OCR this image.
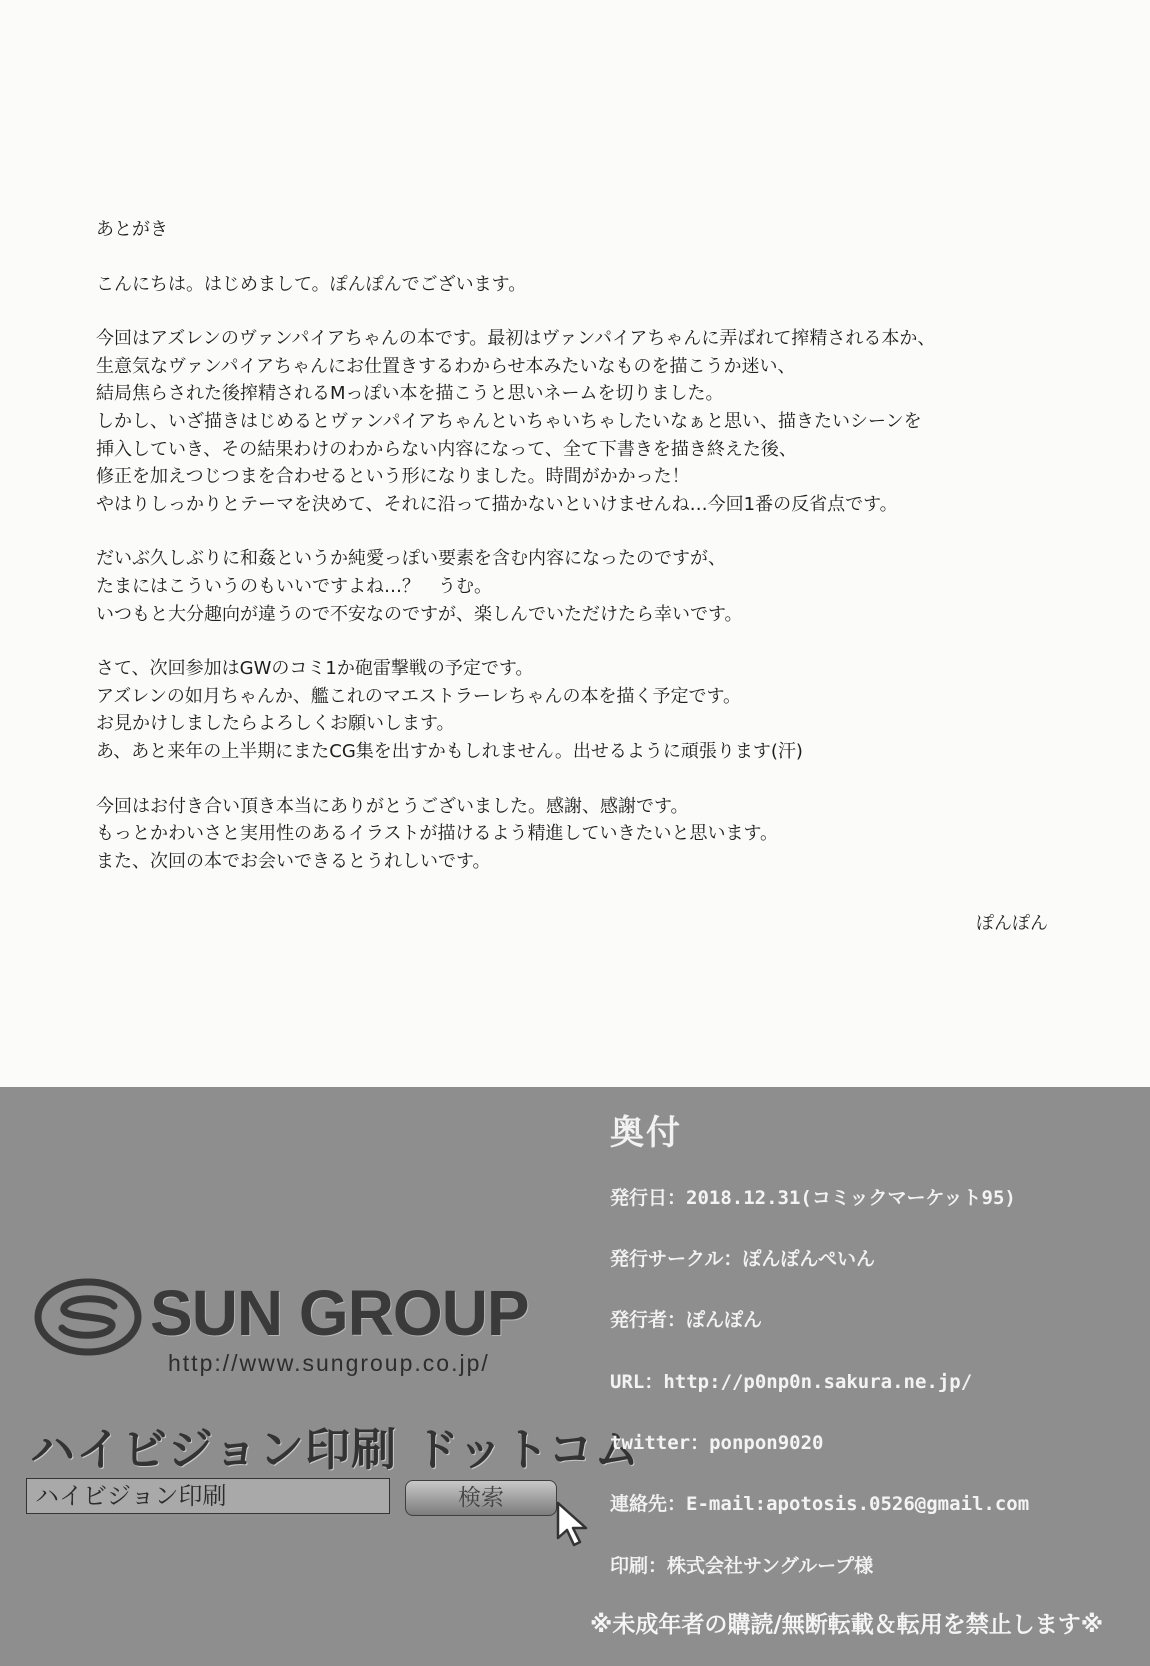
あとがき
こんにちは。はじめまして。ぽんぽんでございます。
今回はアズレンのヴァンパイアちゃんの本です。最初はヴァンパイアちゃんに弄ばれて搾精される本か、
生意気なヴァンパイアちゃんにお仕置きするわからせ本みたいなものを描こうか迷い、
結局焦らされた後搾精されるMっぽい本を描こうと思いネームを切りました。
しかし、いざ描きはじめるとヴァンパイアちゃんといちゃいちゃしたいなぁと思い、描きたいシーンを
挿入していき、その結果わけのわからない内容になって、全て下書きを描き終えた後、
修正を加えつじつまを合わせるという形になりました。時間がかかった！
やはりしっかりとテーマを決めて、それに沿って描かないといけませんね…今回1番の反省点です。
だいぶ久しぶりに和姦というか純愛っぽい要素を含む内容になったのですが、
たまにはこういうのもいいですよね…？　うむ。
いつもと大分趣向が違うので不安なのですが、楽しんでいただけたら幸いです。
さて、次回参加はGWのコミ1か砲雷撃戦の予定です。
アズレンの如月ちゃんか、艦これのマエストラーレちゃんの本を描く予定です。
お見かけしましたらよろしくお願いします。
あ、あと来年の上半期にまたCG集を出すかもしれません。出せるように頑張ります(汗)
今回はお付き合い頂き本当にありがとうございました。感謝、感謝です。
もっとかわいさと実用性のあるイラストが描けるよう精進していきたいと思います。
また、次回の本でお会いできるとうれしいです。
ぽんぽん
SUN GROUP
http://www.sungroup.co.jp/
ハイビジョン印刷 ドットコム
ハイビジョン印刷	検索
奥付
発行日：2018.12.31(コミックマーケット95)
発行サークル：ぽんぽんぺいん
発行者：ぽんぽん
URL：http://p0np0n.sakura.ne.jp/
twitter：ponpon9020
連絡先：E-mail:apotosis.0526@gmail.com
印刷：株式会社サングループ様
※未成年者の購読/無断転載＆転用を禁止します※
